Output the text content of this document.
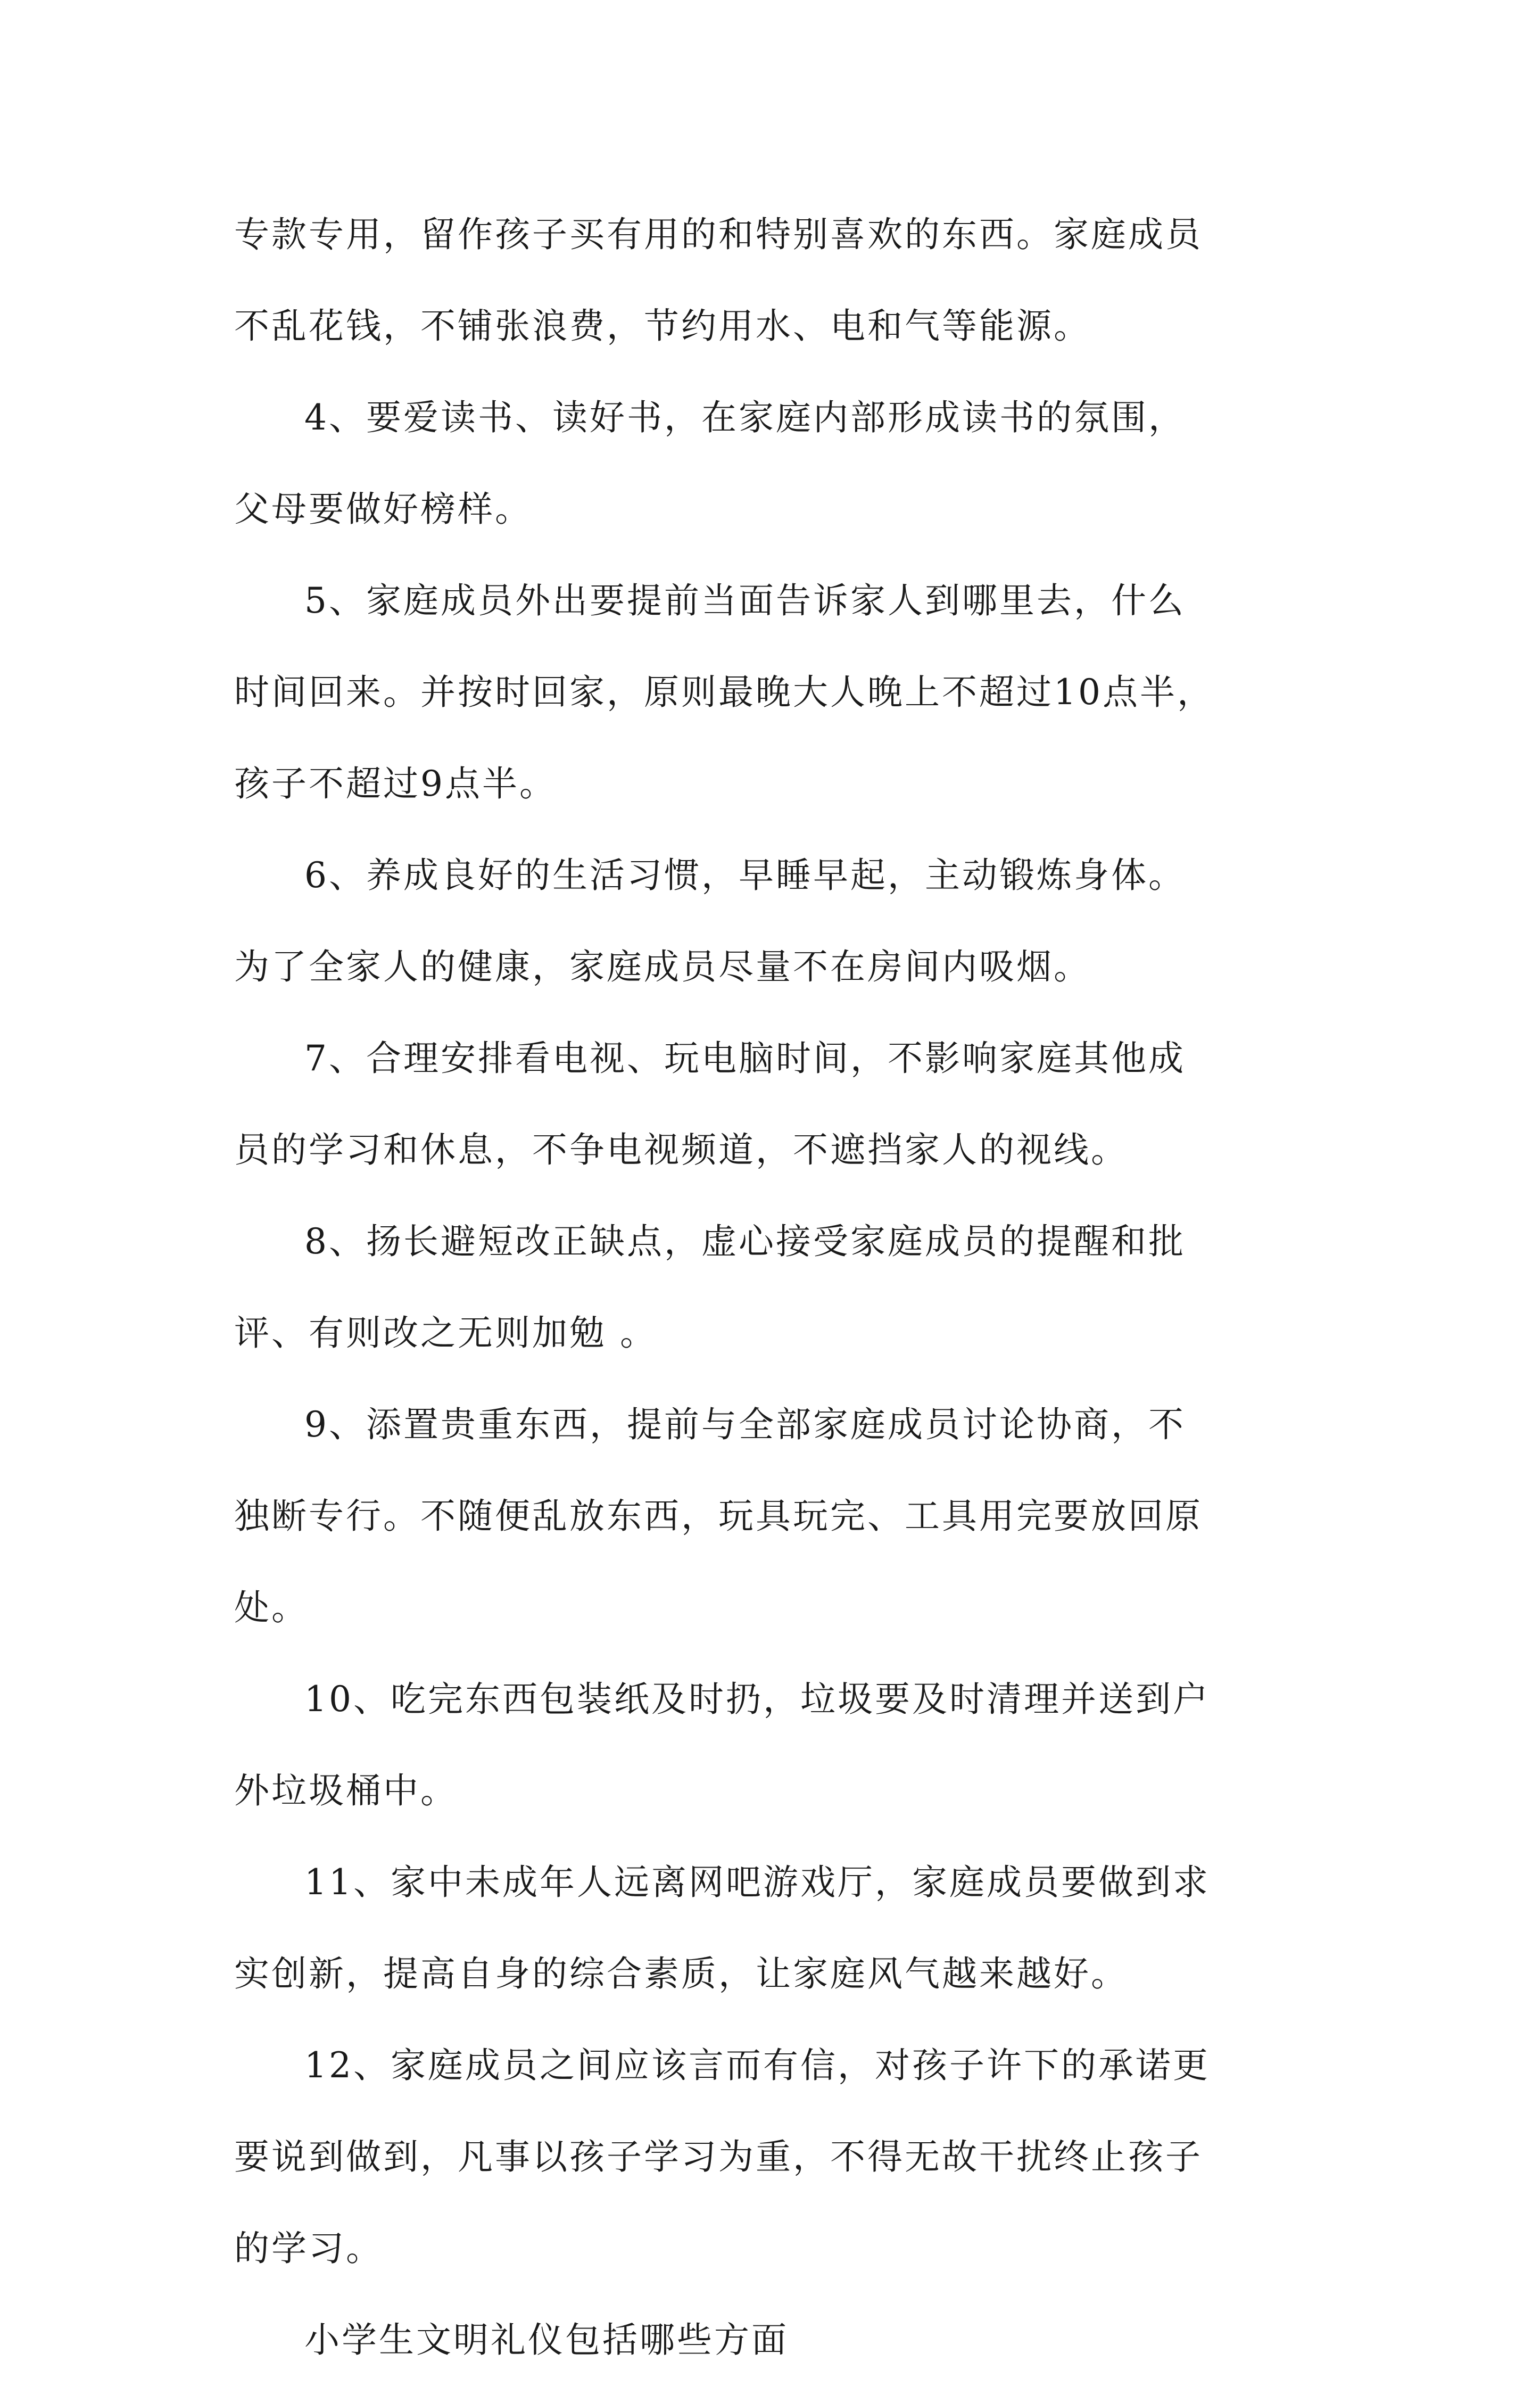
专款专用，留作孩子买有用的和特别喜欢的东西。家庭成员
不乱花钱，不铺张浪费，节约用水、电和气等能源。

4、要爱读书、读好书，在家庭内部形成读书的氛围，
父母要做好榜样。

5、家庭成员外出要提前当面告诉家人到哪里去，什么
时间回来。并按时回家，原则最晚大人晚上不超过10点半，
孩子不超过9点半。

6、养成良好的生活习惯，早睡早起，主动锻炼身体。
为了全家人的健康，家庭成员尽量不在房间内吸烟。

7、合理安排看电视、玩电脑时间，不影响家庭其他成
员的学习和休息，不争电视频道，不遮挡家人的视线。

8、扬长避短改正缺点，虚心接受家庭成员的提醒和批
评、有则改之无则加勉 。

9、添置贵重东西，提前与全部家庭成员讨论协商，不
独断专行。不随便乱放东西，玩具玩完、工具用完要放回原
处。

10、吃完东西包装纸及时扔，垃圾要及时清理并送到户
外垃圾桶中。

11、家中未成年人远离网吧游戏厅，家庭成员要做到求
实创新，提高自身的综合素质，让家庭风气越来越好。

12、家庭成员之间应该言而有信，对孩子许下的承诺更
要说到做到，凡事以孩子学习为重，不得无故干扰终止孩子
的学习。

小学生文明礼仪包括哪些方面
